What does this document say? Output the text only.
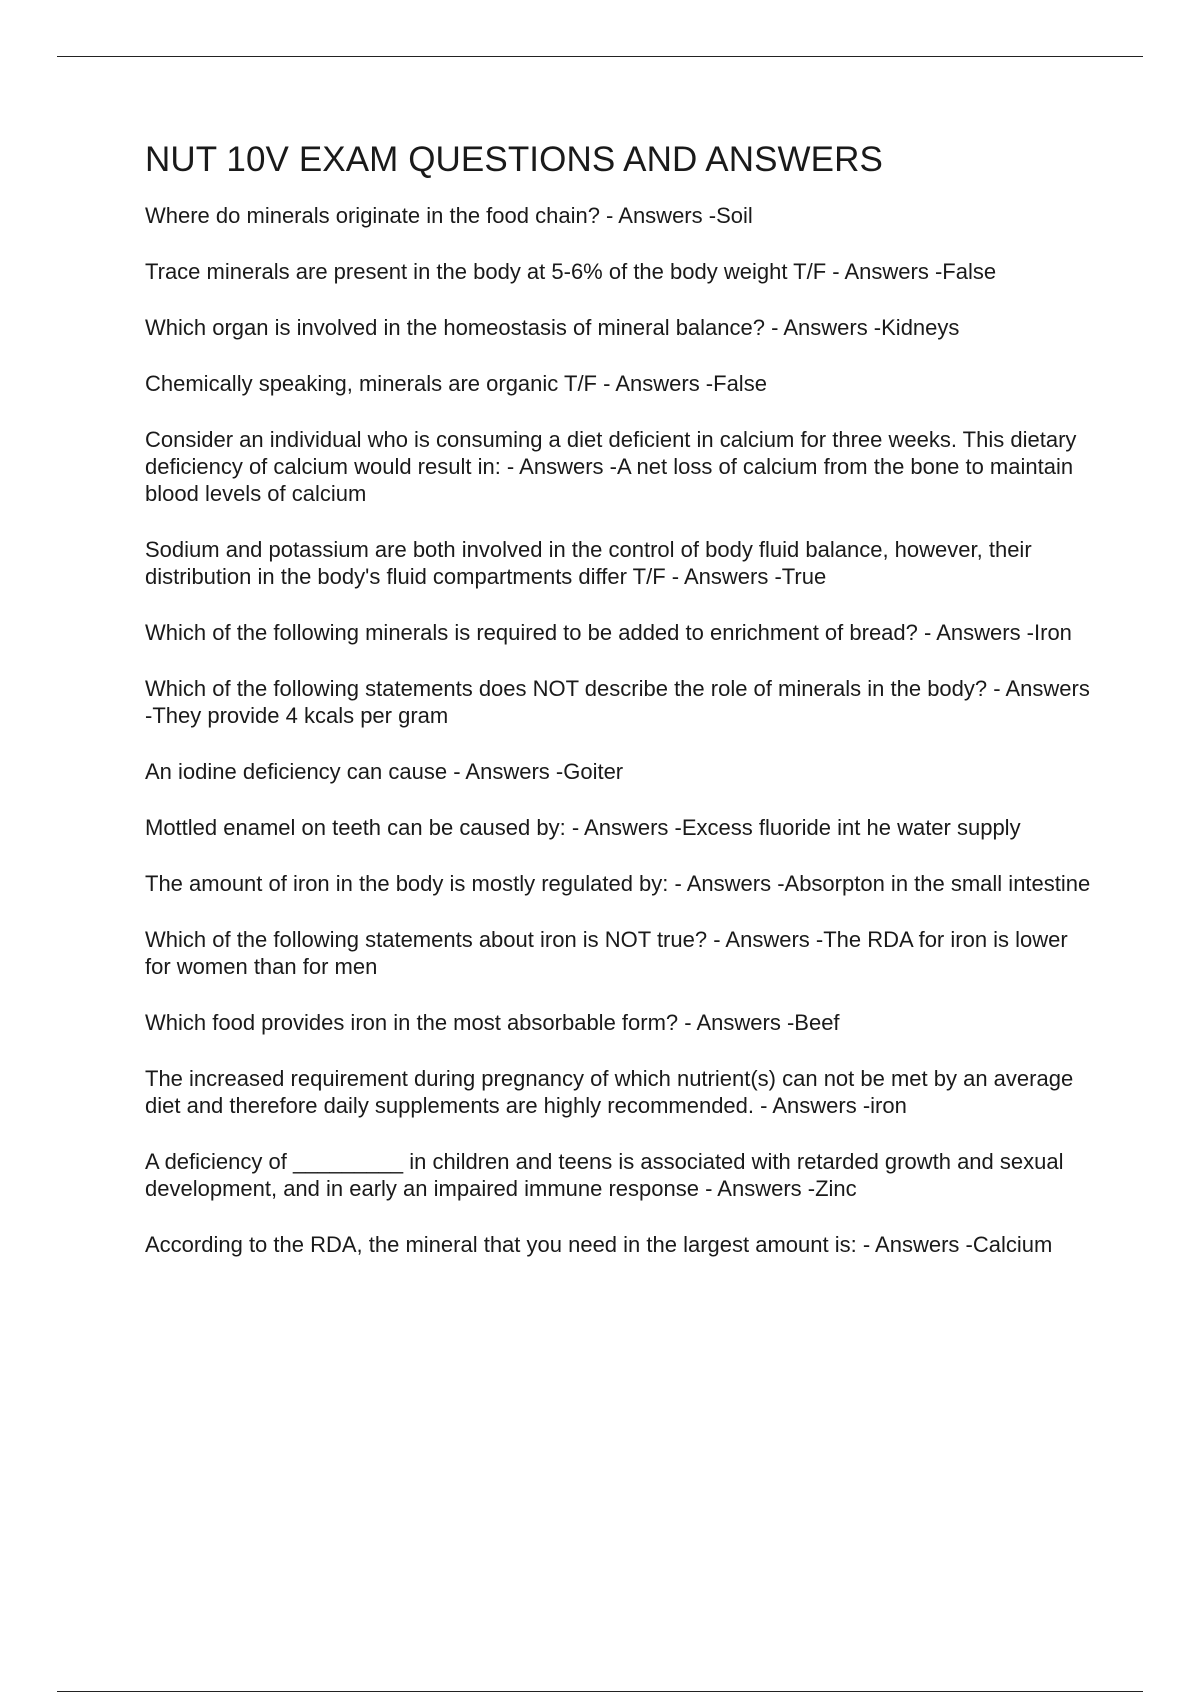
NUT 10V EXAM QUESTIONS AND ANSWERS
Where do minerals originate in the food chain? - Answers -Soil
Trace minerals are present in the body at 5-6% of the body weight T/F - Answers -False
Which organ is involved in the homeostasis of mineral balance? - Answers -Kidneys
Chemically speaking, minerals are organic T/F - Answers -False
Consider an individual who is consuming a diet deficient in calcium for three weeks. This dietary deficiency of calcium would result in: - Answers -A net loss of calcium from the bone to maintain blood levels of calcium
Sodium and potassium are both involved in the control of body fluid balance, however, their distribution in the body's fluid compartments differ T/F - Answers -True
Which of the following minerals is required to be added to enrichment of bread? - Answers -Iron
Which of the following statements does NOT describe the role of minerals in the body? - Answers -They provide 4 kcals per gram
An iodine deficiency can cause - Answers -Goiter
Mottled enamel on teeth can be caused by: - Answers -Excess fluoride int he water supply
The amount of iron in the body is mostly regulated by: - Answers -Absorpton in the small intestine
Which of the following statements about iron is NOT true? - Answers -The RDA for iron is lower for women than for men
Which food provides iron in the most absorbable form? - Answers -Beef
The increased requirement during pregnancy of which nutrient(s) can not be met by an average diet and therefore daily supplements are highly recommended. - Answers -iron
A deficiency of _________ in children and teens is associated with retarded growth and sexual development, and in early an impaired immune response - Answers -Zinc
According to the RDA, the mineral that you need in the largest amount is: - Answers -Calcium
